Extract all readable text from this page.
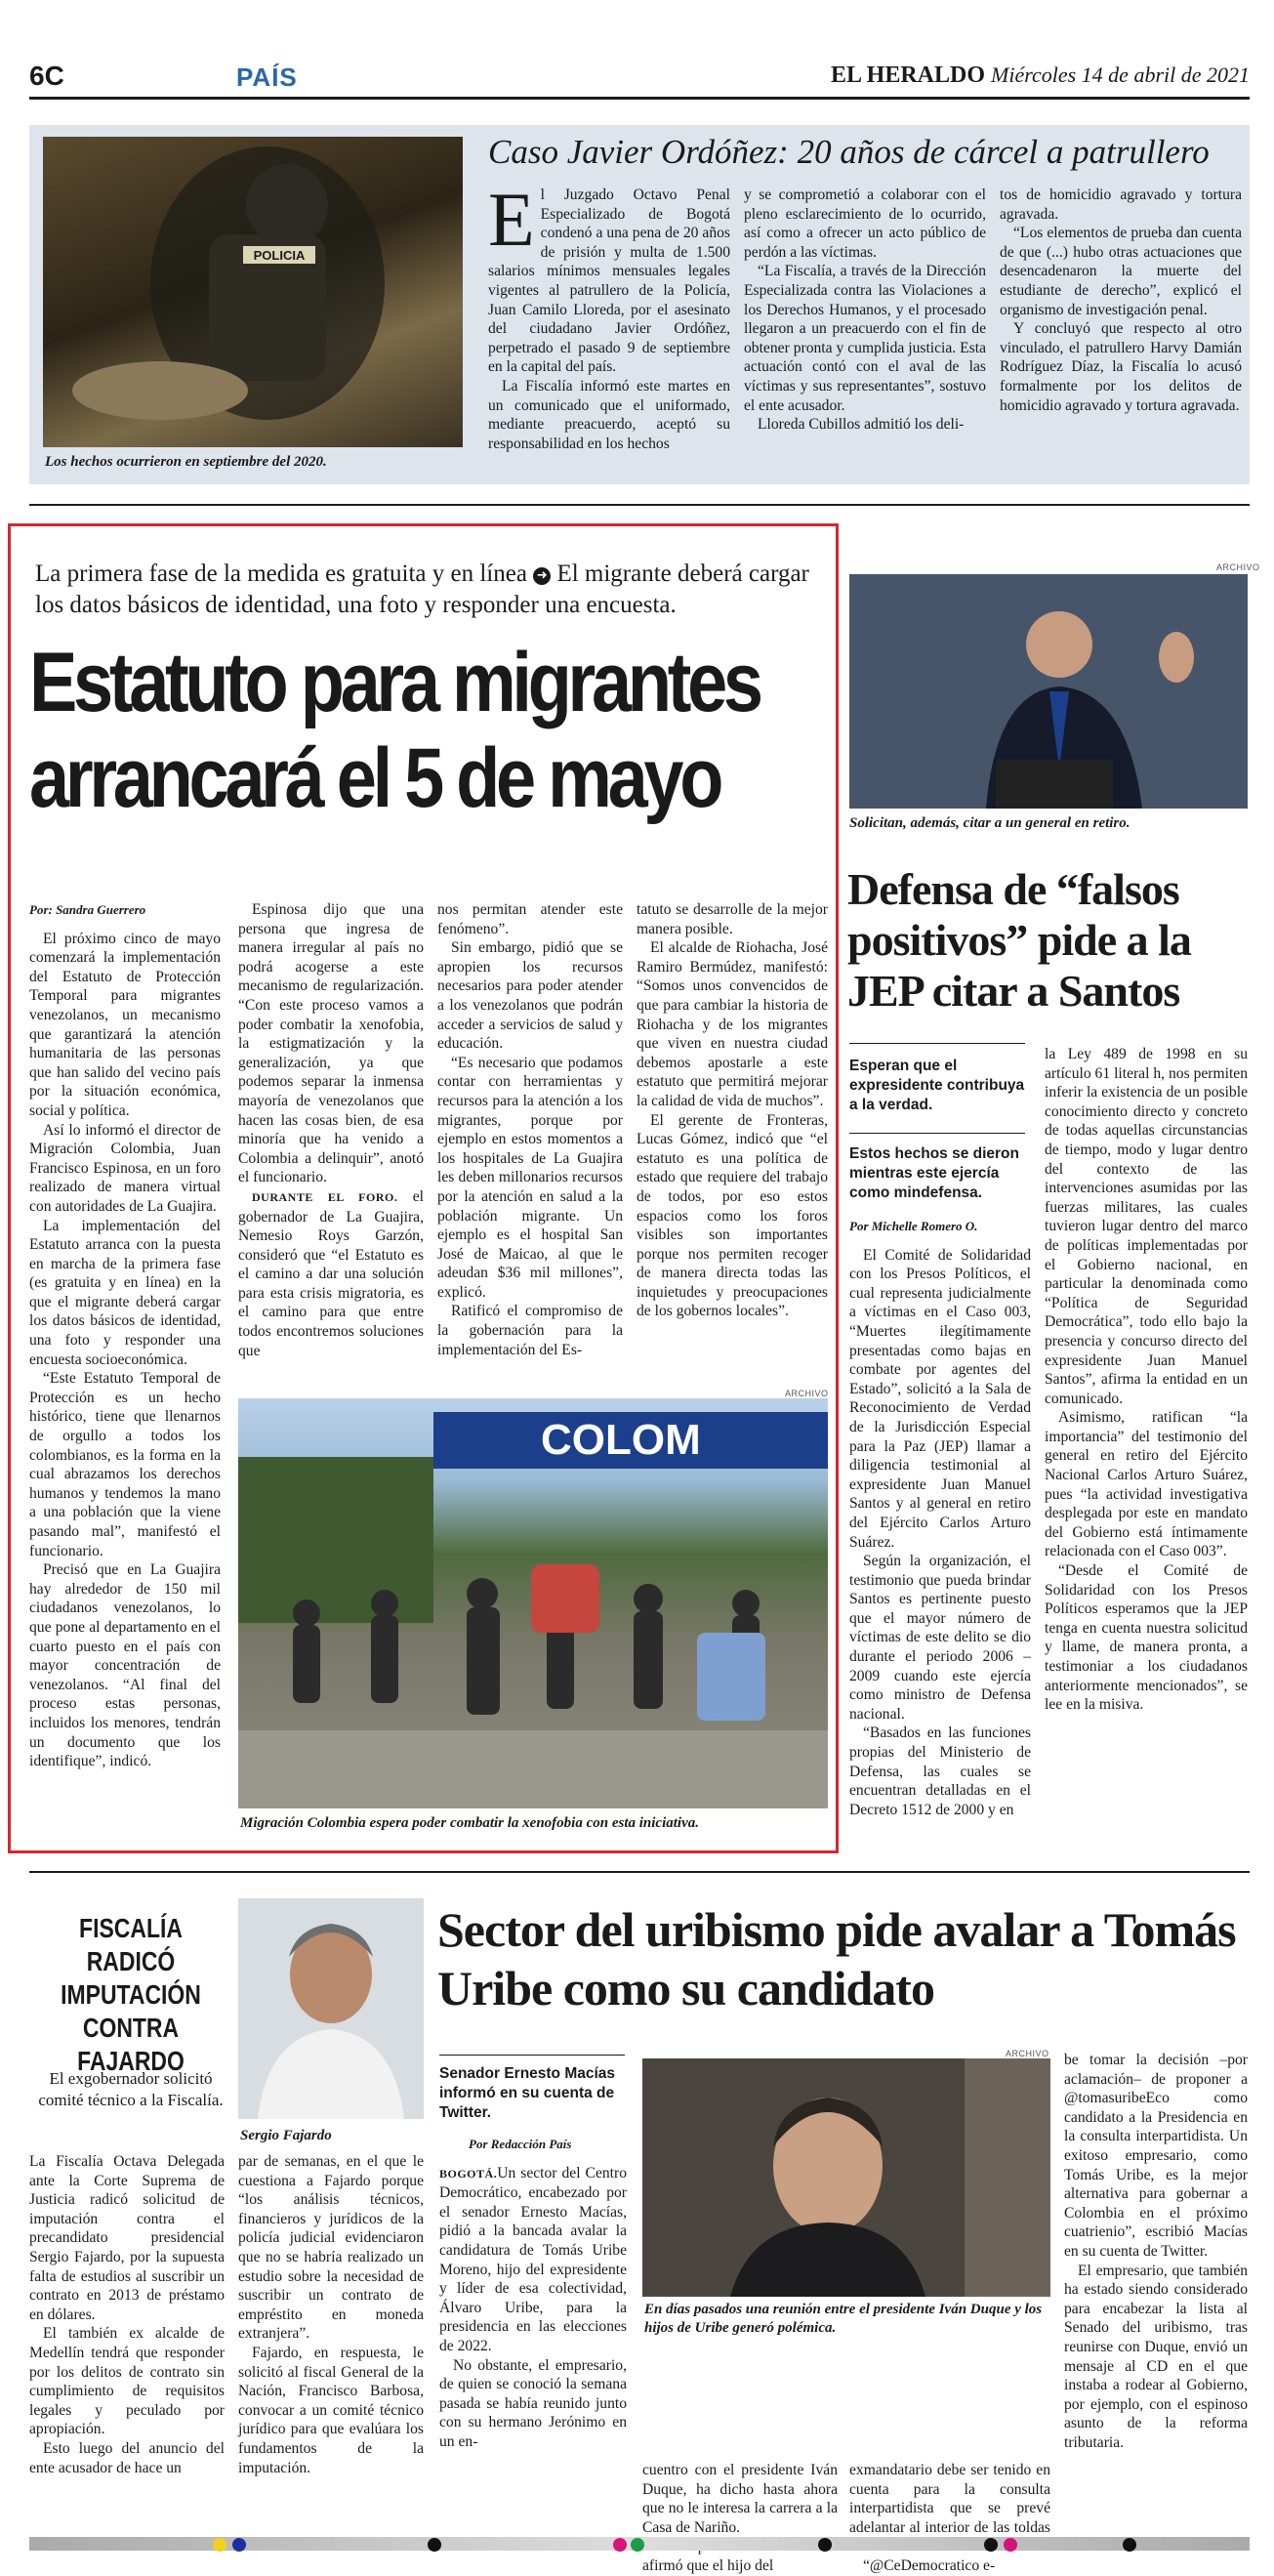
6C	PAÍS	EL HERALDO Miércoles 14 de abril de 2021
POLICIA
Los hechos ocurrieron en septiembre del 2020.
Caso Javier Ordóñez: 20 años de cárcel a patrullero
E l Juzgado Octavo Penal Especializado de Bogotá condenó a una pena de 20 años de prisión y multa de 1.500 salarios mínimos mensuales legales vigentes al patrullero de la Policía, Juan Camilo Lloreda, por el asesinato del ciudadano Javier Ordóñez, perpetrado el pasado 9 de septiembre en la capital del país.

La Fiscalía informó este martes en un comunicado que el uniformado, mediante preacuerdo, aceptó su responsabilidad en los hechos

y se comprometió a colaborar con el pleno esclarecimiento de lo ocurrido, así como a ofrecer un acto público de perdón a las víctimas.

“La Fiscalía, a través de la Dirección Especializada contra las Violaciones a los Derechos Humanos, y el procesado llegaron a un preacuerdo con el fin de obtener pronta y cumplida justicia. Esta actuación contó con el aval de las víctimas y sus representantes”, sostuvo el ente acusador.

Lloreda Cubillos admitió los deli-

tos de homicidio agravado y tortura agravada.

“Los elementos de prueba dan cuenta de que (...) hubo otras actuaciones que desencadenaron la muerte del estudiante de derecho”, explicó el organismo de investigación penal.

Y concluyó que respecto al otro vinculado, el patrullero Harvy Damián Rodríguez Díaz, la Fiscalía lo acusó formalmente por los delitos de homicidio agravado y tortura agravada.

La primera fase de la medida es gratuita y en línea ➜ El migrante deberá cargar los datos básicos de identidad, una foto y responder una encuesta.
Estatuto para migrantes
arrancará el 5 de mayo

Por: Sandra Guerrero

El próximo cinco de mayo comenzará la implementación del Estatuto de Protección Temporal para migrantes venezolanos, un mecanismo que garantizará la atención humanitaria de las personas que han salido del vecino país por la situación económica, social y política.

Así lo informó el director de Migración Colombia, Juan Francisco Espinosa, en un foro realizado de manera virtual con autoridades de La Guajira.

La implementación del Estatuto arranca con la puesta en marcha de la primera fase (es gratuita y en línea) en la que el migrante deberá cargar los datos básicos de identidad, una foto y responder una encuesta socioeconómica.

“Este Estatuto Temporal de Protección es un hecho histórico, tiene que llenarnos de orgullo a todos los colombianos, es la forma en la cual abrazamos los derechos humanos y tendemos la mano a una población que la viene pasando mal”, manifestó el funcionario.

Precisó que en La Guajira hay alrededor de 150 mil ciudadanos venezolanos, lo que pone al departamento en el cuarto puesto en el país con mayor concentración de venezolanos. “Al final del proceso estas personas, incluidos los menores, tendrán un documento que los identifique”, indicó.

Espinosa dijo que una persona que ingresa de manera irregular al país no podrá acogerse a este mecanismo de regularización. “Con este proceso vamos a poder combatir la xenofobia, la estigmatización y la generalización, ya que podemos separar la inmensa mayoría de venezolanos que hacen las cosas bien, de esa minoría que ha venido a Colombia a delinquir”, anotó el funcionario.

DURANTE EL FORO. el gobernador de La Guajira, Nemesio Roys Garzón, consideró que “el Estatuto es el camino a dar una solución para esta crisis migratoria, es el camino para que entre todos encontremos soluciones que

nos permitan atender este fenómeno”.

Sin embargo, pidió que se apropien los recursos necesarios para poder atender a los venezolanos que podrán acceder a servicios de salud y educación.

“Es necesario que podamos contar con herramientas y recursos para la atención a los migrantes, porque por ejemplo en estos momentos a los hospitales de La Guajira les deben millonarios recursos por la atención en salud a la población migrante. Un ejemplo es el hospital San José de Maicao, al que le adeudan $36 mil millones”, explicó.

Ratificó el compromiso de la gobernación para la implementación del Es-

tatuto se desarrolle de la mejor manera posible.

El alcalde de Riohacha, José Ramiro Bermúdez, manifestó: “Somos unos convencidos de que para cambiar la historia de Riohacha y de los migrantes que viven en nuestra ciudad debemos apostarle a este estatuto que permitirá mejorar la calidad de vida de muchos”.

El gerente de Fronteras, Lucas Gómez, indicó que “el estatuto es una política de estado que requiere del trabajo de todos, por eso estos espacios como los foros visibles son importantes porque nos permiten recoger de manera directa todas las inquietudes y preocupaciones de los gobernos locales”.

ARCHIVO
COLOM
Migración Colombia espera poder combatir la xenofobia con esta iniciativa.
ARCHIVO
Solicitan, además, citar a un general en retiro.
Defensa de “falsos positivos” pide a la JEP citar a Santos
Esperan que el expresidente contribuya a la verdad.
Estos hechos se dieron mientras este ejercía como mindefensa.

Por Michelle Romero O.

El Comité de Solidaridad con los Presos Políticos, el cual representa judicialmente a víctimas en el Caso 003, “Muertes ilegítimamente presentadas como bajas en combate por agentes del Estado”, solicitó a la Sala de Reconocimiento de Verdad de la Jurisdicción Especial para la Paz (JEP) llamar a diligencia testimonial al expresidente Juan Manuel Santos y al general en retiro del Ejército Carlos Arturo Suárez.

Según la organización, el testimonio que pueda brindar Santos es pertinente puesto que el mayor número de víctimas de este delito se dio durante el periodo 2006 – 2009 cuando este ejercía como ministro de Defensa nacional.

“Basados en las funciones propias del Ministerio de Defensa, las cuales se encuentran detalladas en el Decreto 1512 de 2000 y en

la Ley 489 de 1998 en su artículo 61 literal h, nos permiten inferir la existencia de un posible conocimiento directo y concreto de todas aquellas circunstancias de tiempo, modo y lugar dentro del contexto de las intervenciones asumidas por las fuerzas militares, las cuales tuvieron lugar dentro del marco de políticas implementadas por el Gobierno nacional, en particular la denominada como “Política de Seguridad Democrática”, todo ello bajo la presencia y concurso directo del expresidente Juan Manuel Santos”, afirma la entidad en un comunicado.

Asimismo, ratifican “la importancia” del testimonio del general en retiro del Ejército Nacional Carlos Arturo Suárez, pues “la actividad investigativa desplegada por este en mandato del Gobierno está íntimamente relacionada con el Caso 003”.

“Desde el Comité de Solidaridad con los Presos Políticos esperamos que la JEP tenga en cuenta nuestra solicitud y llame, de manera pronta, a testimoniar a los ciudadanos anteriormente mencionados”, se lee en la misiva.

FISCALÍA RADICÓ IMPUTACIÓN CONTRA FAJARDO
El exgobernador solicitó comité técnico a la Fiscalía.
Sergio Fajardo

La Fiscalía Octava Delegada ante la Corte Suprema de Justicia radicó solicitud de imputación contra el precandidato presidencial Sergio Fajardo, por la supuesta falta de estudios al suscribir un contrato en 2013 de préstamo en dólares.

El también ex alcalde de Medellín tendrá que responder por los delitos de contrato sin cumplimiento de requisitos legales y peculado por apropiación.

Esto luego del anuncio del ente acusador de hace un

par de semanas, en el que le cuestiona a Fajardo porque “los análisis técnicos, financieros y jurídicos de la policía judicial evidenciaron que no se habría realizado un estudio sobre la necesidad de suscribir un contrato de empréstito en moneda extranjera”.

Fajardo, en respuesta, le solicitó al fiscal General de la Nación, Francisco Barbosa, convocar a un comité técnico jurídico para que evalúara los fundamentos de la imputación.

Sector del uribismo pide avalar a Tomás Uribe como su candidato
Senador Ernesto Macías informó en su cuenta de Twitter.
ARCHIVO
En días pasados una reunión entre el presidente Iván Duque y los hijos de Uribe generó polémica.

Por Redacción País

BOGOTÁ.Un sector del Centro Democrático, encabezado por el senador Ernesto Macías, pidió a la bancada avalar la candidatura de Tomás Uribe Moreno, hijo del expresidente y líder de esa colectividad, Álvaro Uribe, para la presidencia en las elecciones de 2022.

No obstante, el empresario, de quien se conoció la semana pasada se había reunido junto con su hermano Jerónimo en un en-

cuentro con el presidente Iván Duque, ha dicho hasta ahora que no le interesa la carrera a la Casa de Nariño.

afirmó que el hijo del

exmandatario debe ser tenido en cuenta para la consulta interpartidista que se prevé adelantar al interior de las toldas

“@CeDemocratico e-

be tomar la decisión –por aclamación– de proponer a @tomasuribeEco como candidato a la Presidencia en la consulta interpartidista. Un exitoso empresario, como Tomás Uribe, es la mejor alternativa para gobernar a Colombia en el próximo cuatrienio”, escribió Macías en su cuenta de Twitter.

El empresario, que también ha estado siendo considerado para encabezar la lista al Senado del uribismo, tras reunirse con Duque, envió un mensaje al CD en el que instaba a rodear al Gobierno, por ejemplo, con el espinoso asunto de la reforma tributaria.
